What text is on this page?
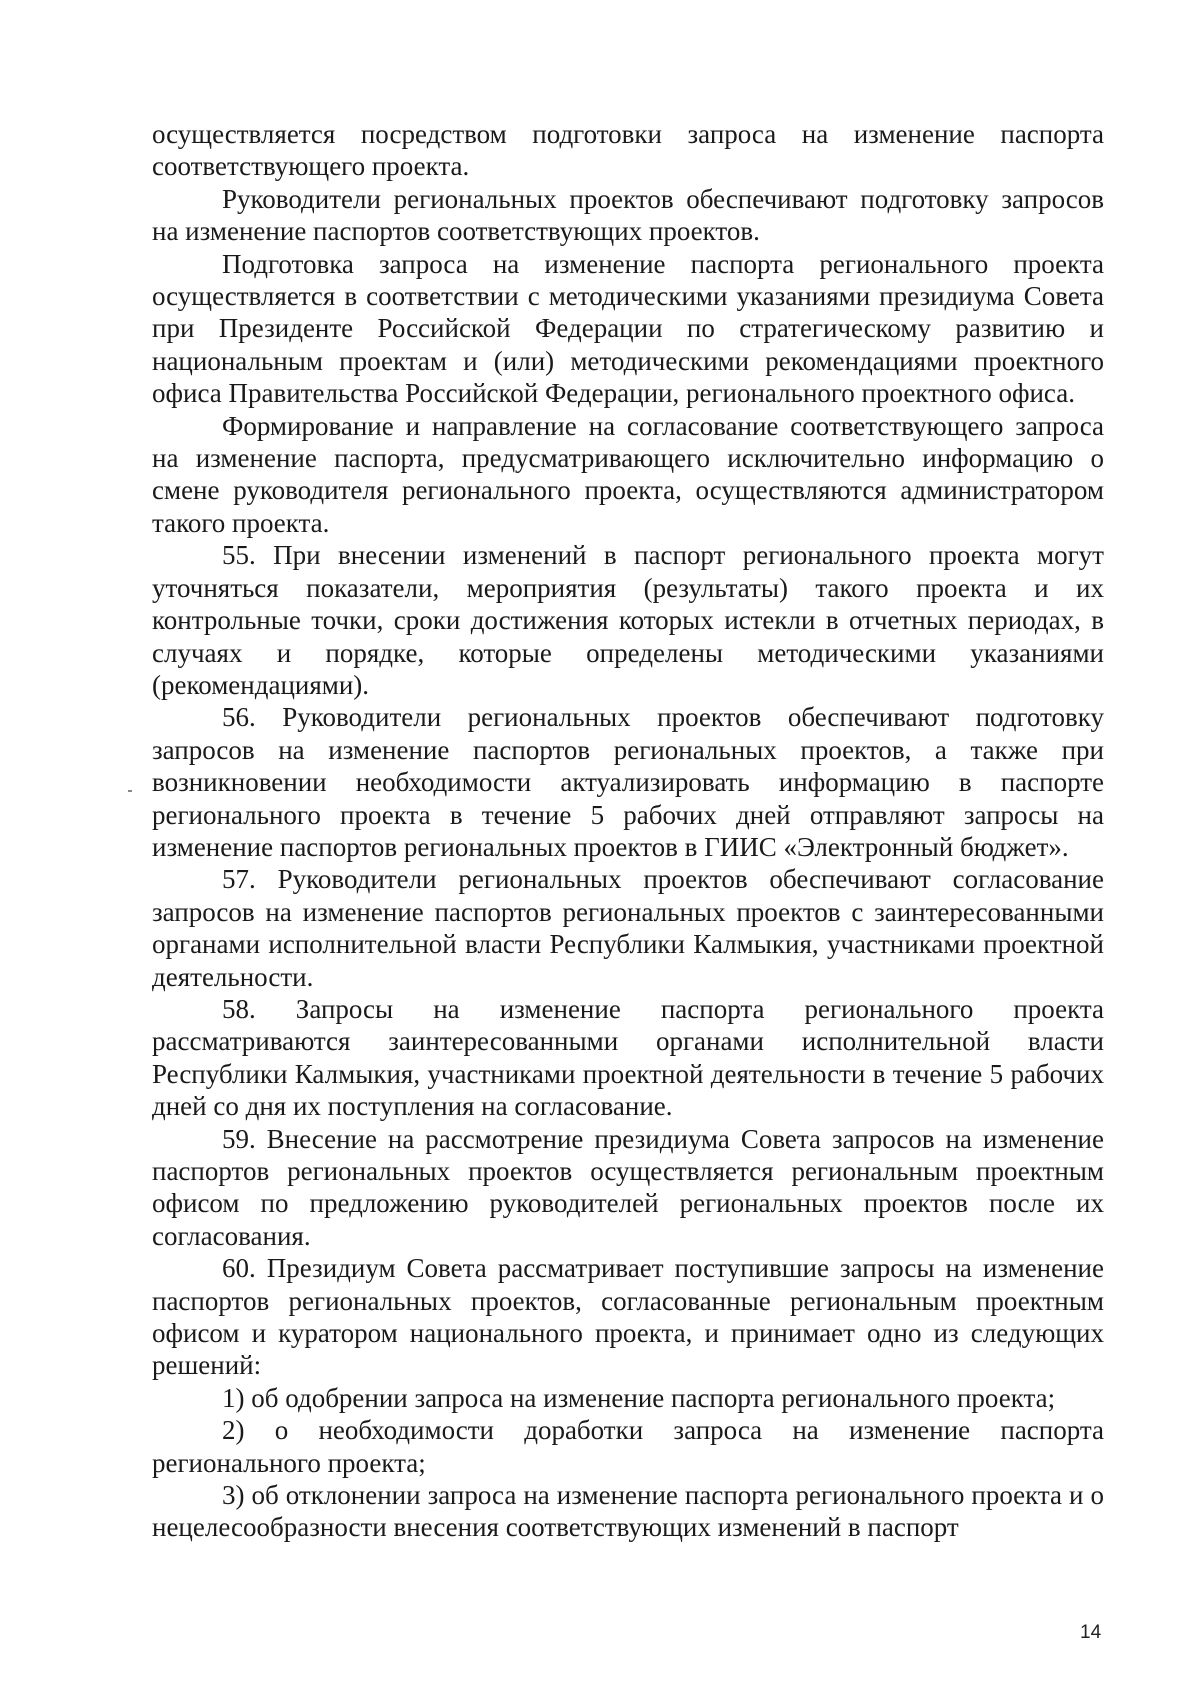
осуществляется посредством подготовки запроса на изменение паспорта соответствующего проекта.

Руководители региональных проектов обеспечивают подготовку запросов на изменение паспортов соответствующих проектов.

Подготовка запроса на изменение паспорта регионального проекта осуществляется в соответствии с методическими указаниями президиума Совета при Президенте Российской Федерации по стратегическому развитию и национальным проектам и (или) методическими рекомендациями проектного офиса Правительства Российской Федерации, регионального проектного офиса.

Формирование и направление на согласование соответствующего запроса на изменение паспорта, предусматривающего исключительно информацию о смене руководителя регионального проекта, осуществляются администратором такого проекта.

55. При внесении изменений в паспорт регионального проекта могут уточняться показатели, мероприятия (результаты) такого проекта и их контрольные точки, сроки достижения которых истекли в отчетных периодах, в случаях и порядке, которые определены методическими указаниями (рекомендациями).

56. Руководители региональных проектов обеспечивают подготовку запросов на изменение паспортов региональных проектов, а также при возникновении необходимости актуализировать информацию в паспорте регионального проекта в течение 5 рабочих дней отправляют запросы на изменение паспортов региональных проектов в ГИИС «Электронный бюджет».

57. Руководители региональных проектов обеспечивают согласование запросов на изменение паспортов региональных проектов с заинтересованными органами исполнительной власти Республики Калмыкия, участниками проектной деятельности.

58. Запросы на изменение паспорта регионального проекта рассматриваются заинтересованными органами исполнительной власти Республики Калмыкия, участниками проектной деятельности в течение 5 рабочих дней со дня их поступления на согласование.

59. Внесение на рассмотрение президиума Совета запросов на изменение паспортов региональных проектов осуществляется региональным проектным офисом по предложению руководителей региональных проектов после их согласования.

60. Президиум Совета рассматривает поступившие запросы на изменение паспортов региональных проектов, согласованные региональным проектным офисом и куратором национального проекта, и принимает одно из следующих решений:

1) об одобрении запроса на изменение паспорта регионального проекта;

2) о необходимости доработки запроса на изменение паспорта регионального проекта;

3) об отклонении запроса на изменение паспорта регионального проекта и о нецелесообразности внесения соответствующих изменений в паспорт

14
